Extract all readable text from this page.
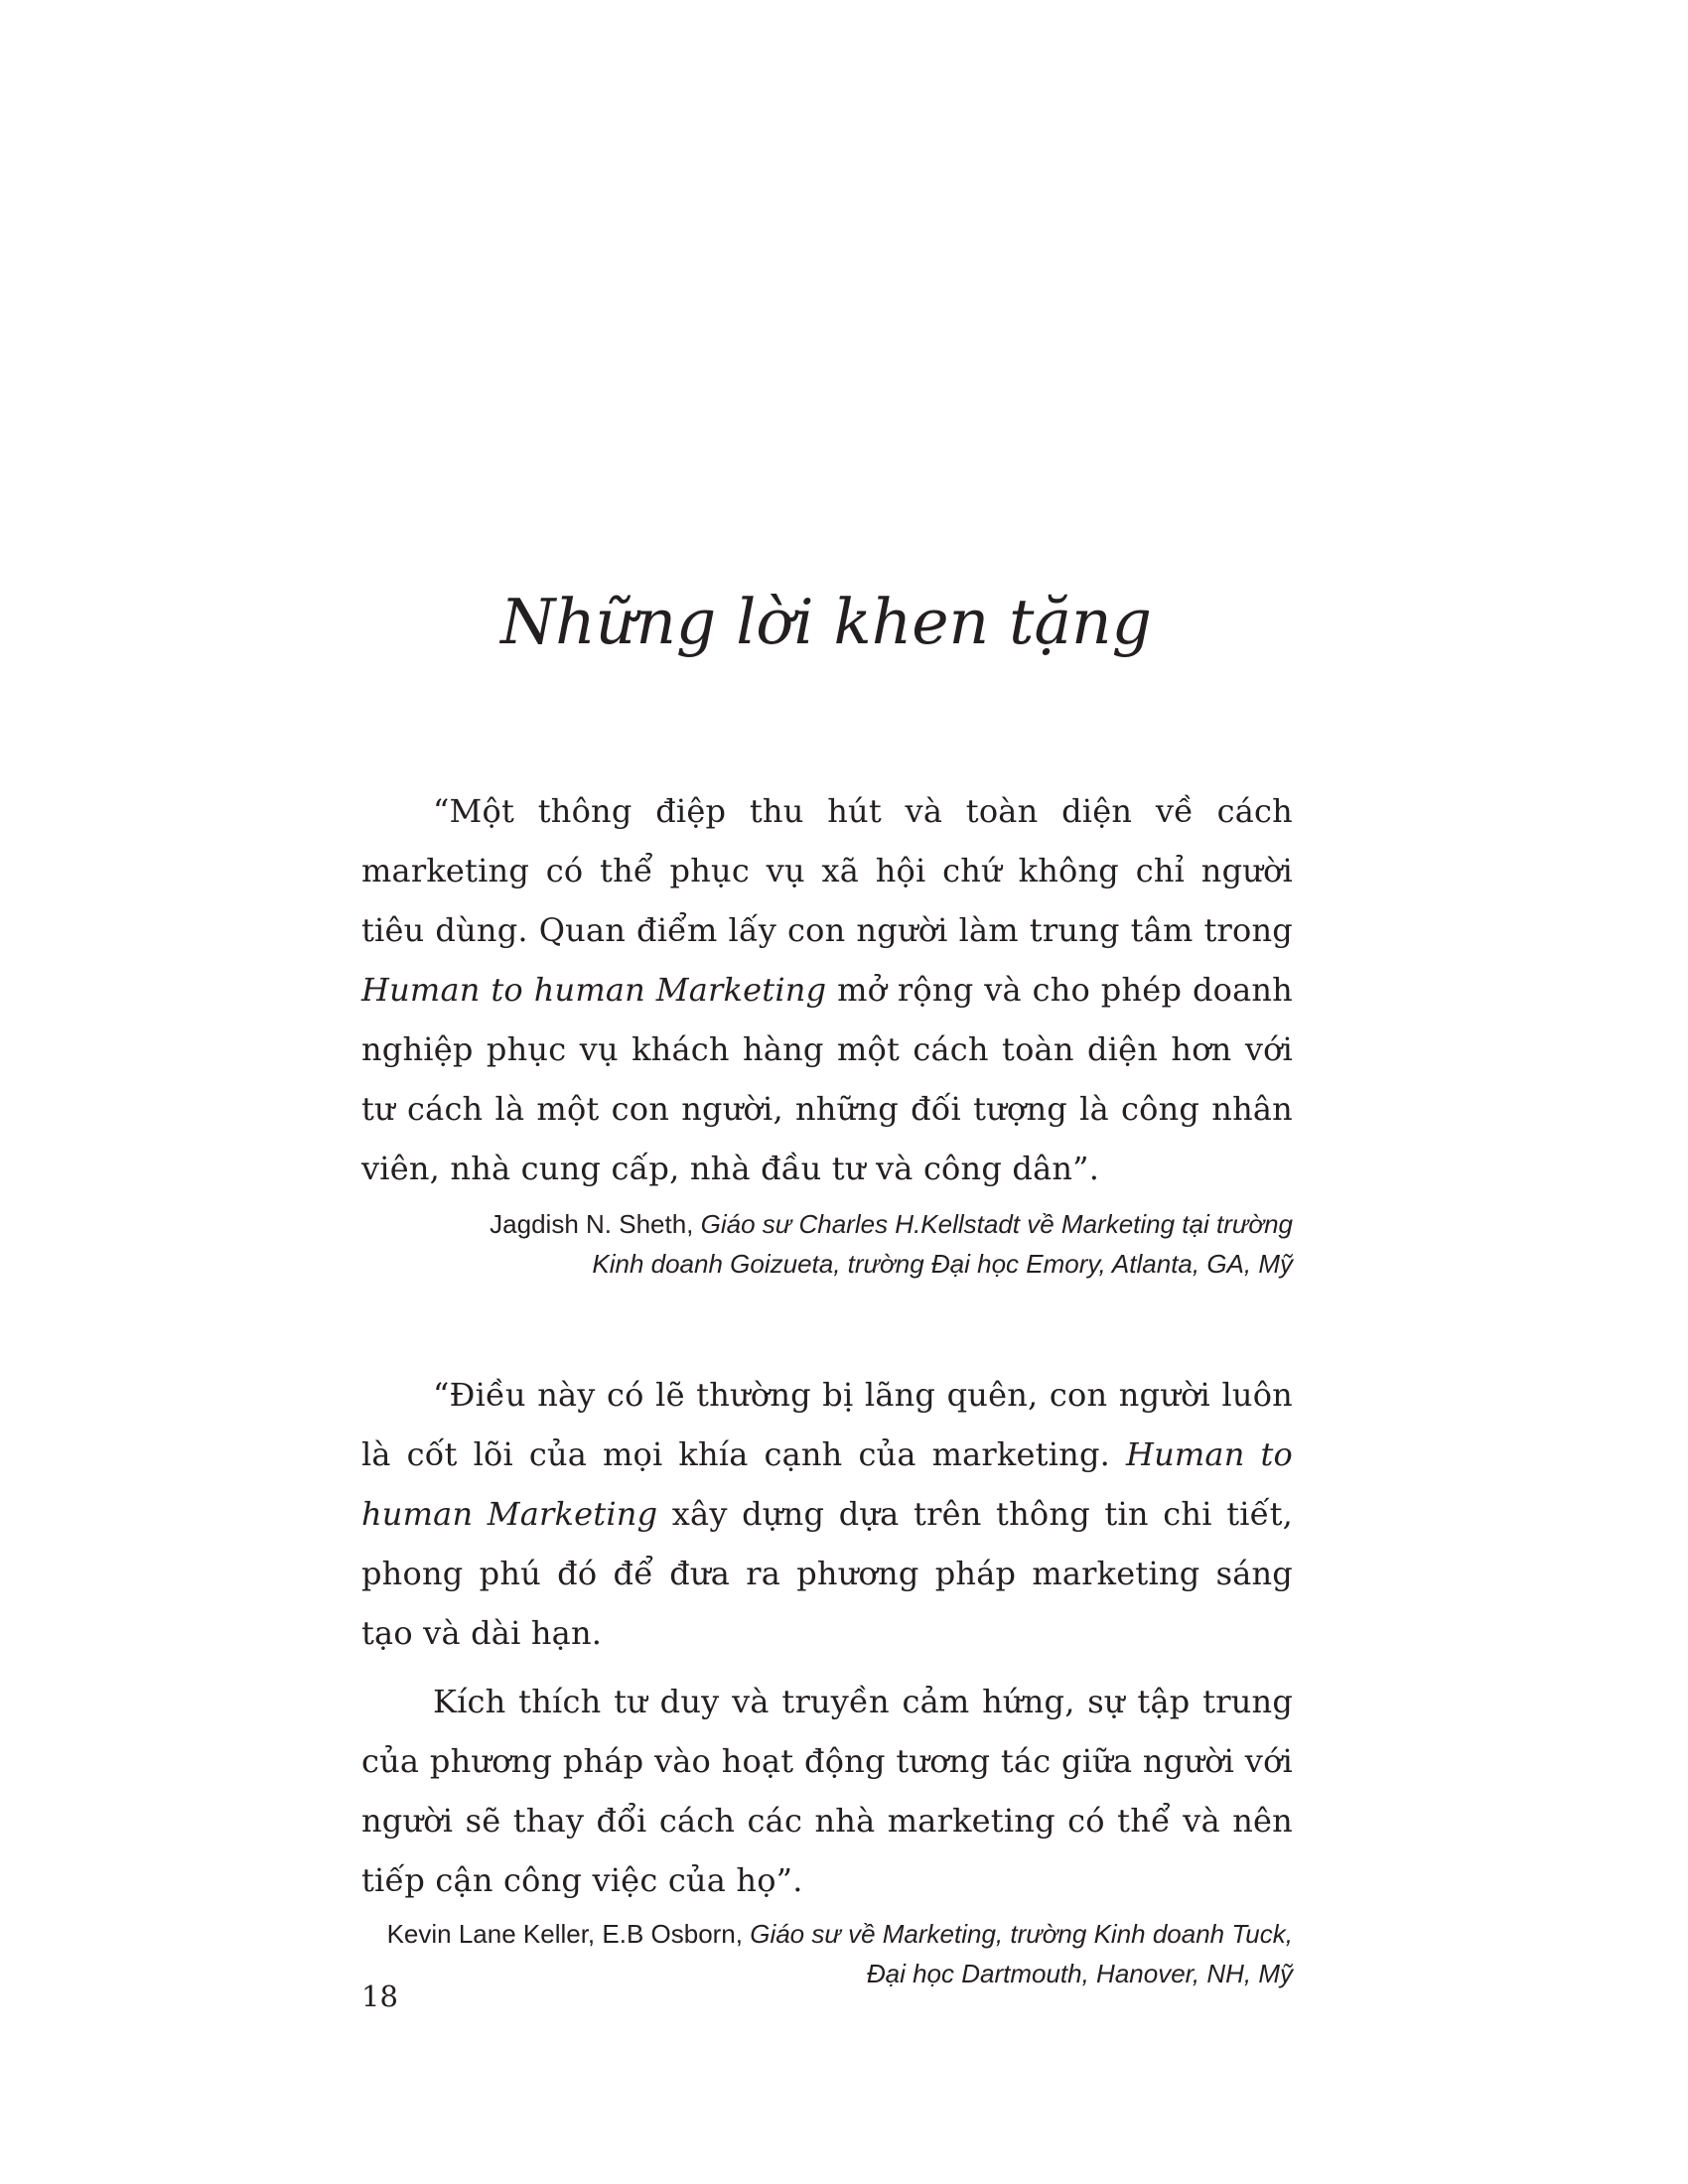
Những lời khen tặng

“Một thông điệp thu hút và toàn diện về cách marketing có thể phục vụ xã hội chứ không chỉ người tiêu dùng. Quan điểm lấy con người làm trung tâm trong Human to human Marketing mở rộng và cho phép doanh nghiệp phục vụ khách hàng một cách toàn diện hơn với tư cách là một con người, những đối tượng là công nhân viên, nhà cung cấp, nhà đầu tư và công dân”.

Jagdish N. Sheth, Giáo sư Charles H.Kellstadt về Marketing tại trường
Kinh doanh Goizueta, trường Đại học Emory, Atlanta, GA, Mỹ

“Điều này có lẽ thường bị lãng quên, con người luôn là cốt lõi của mọi khía cạnh của marketing. Human to human Marketing xây dựng dựa trên thông tin chi tiết, phong phú đó để đưa ra phương pháp marketing sáng tạo và dài hạn.

Kích thích tư duy và truyền cảm hứng, sự tập trung của phương pháp vào hoạt động tương tác giữa người với người sẽ thay đổi cách các nhà marketing có thể và nên tiếp cận công việc của họ”.

Kevin Lane Keller, E.B Osborn, Giáo sư về Marketing, trường Kinh doanh Tuck,
Đại học Dartmouth, Hanover, NH, Mỹ

18
